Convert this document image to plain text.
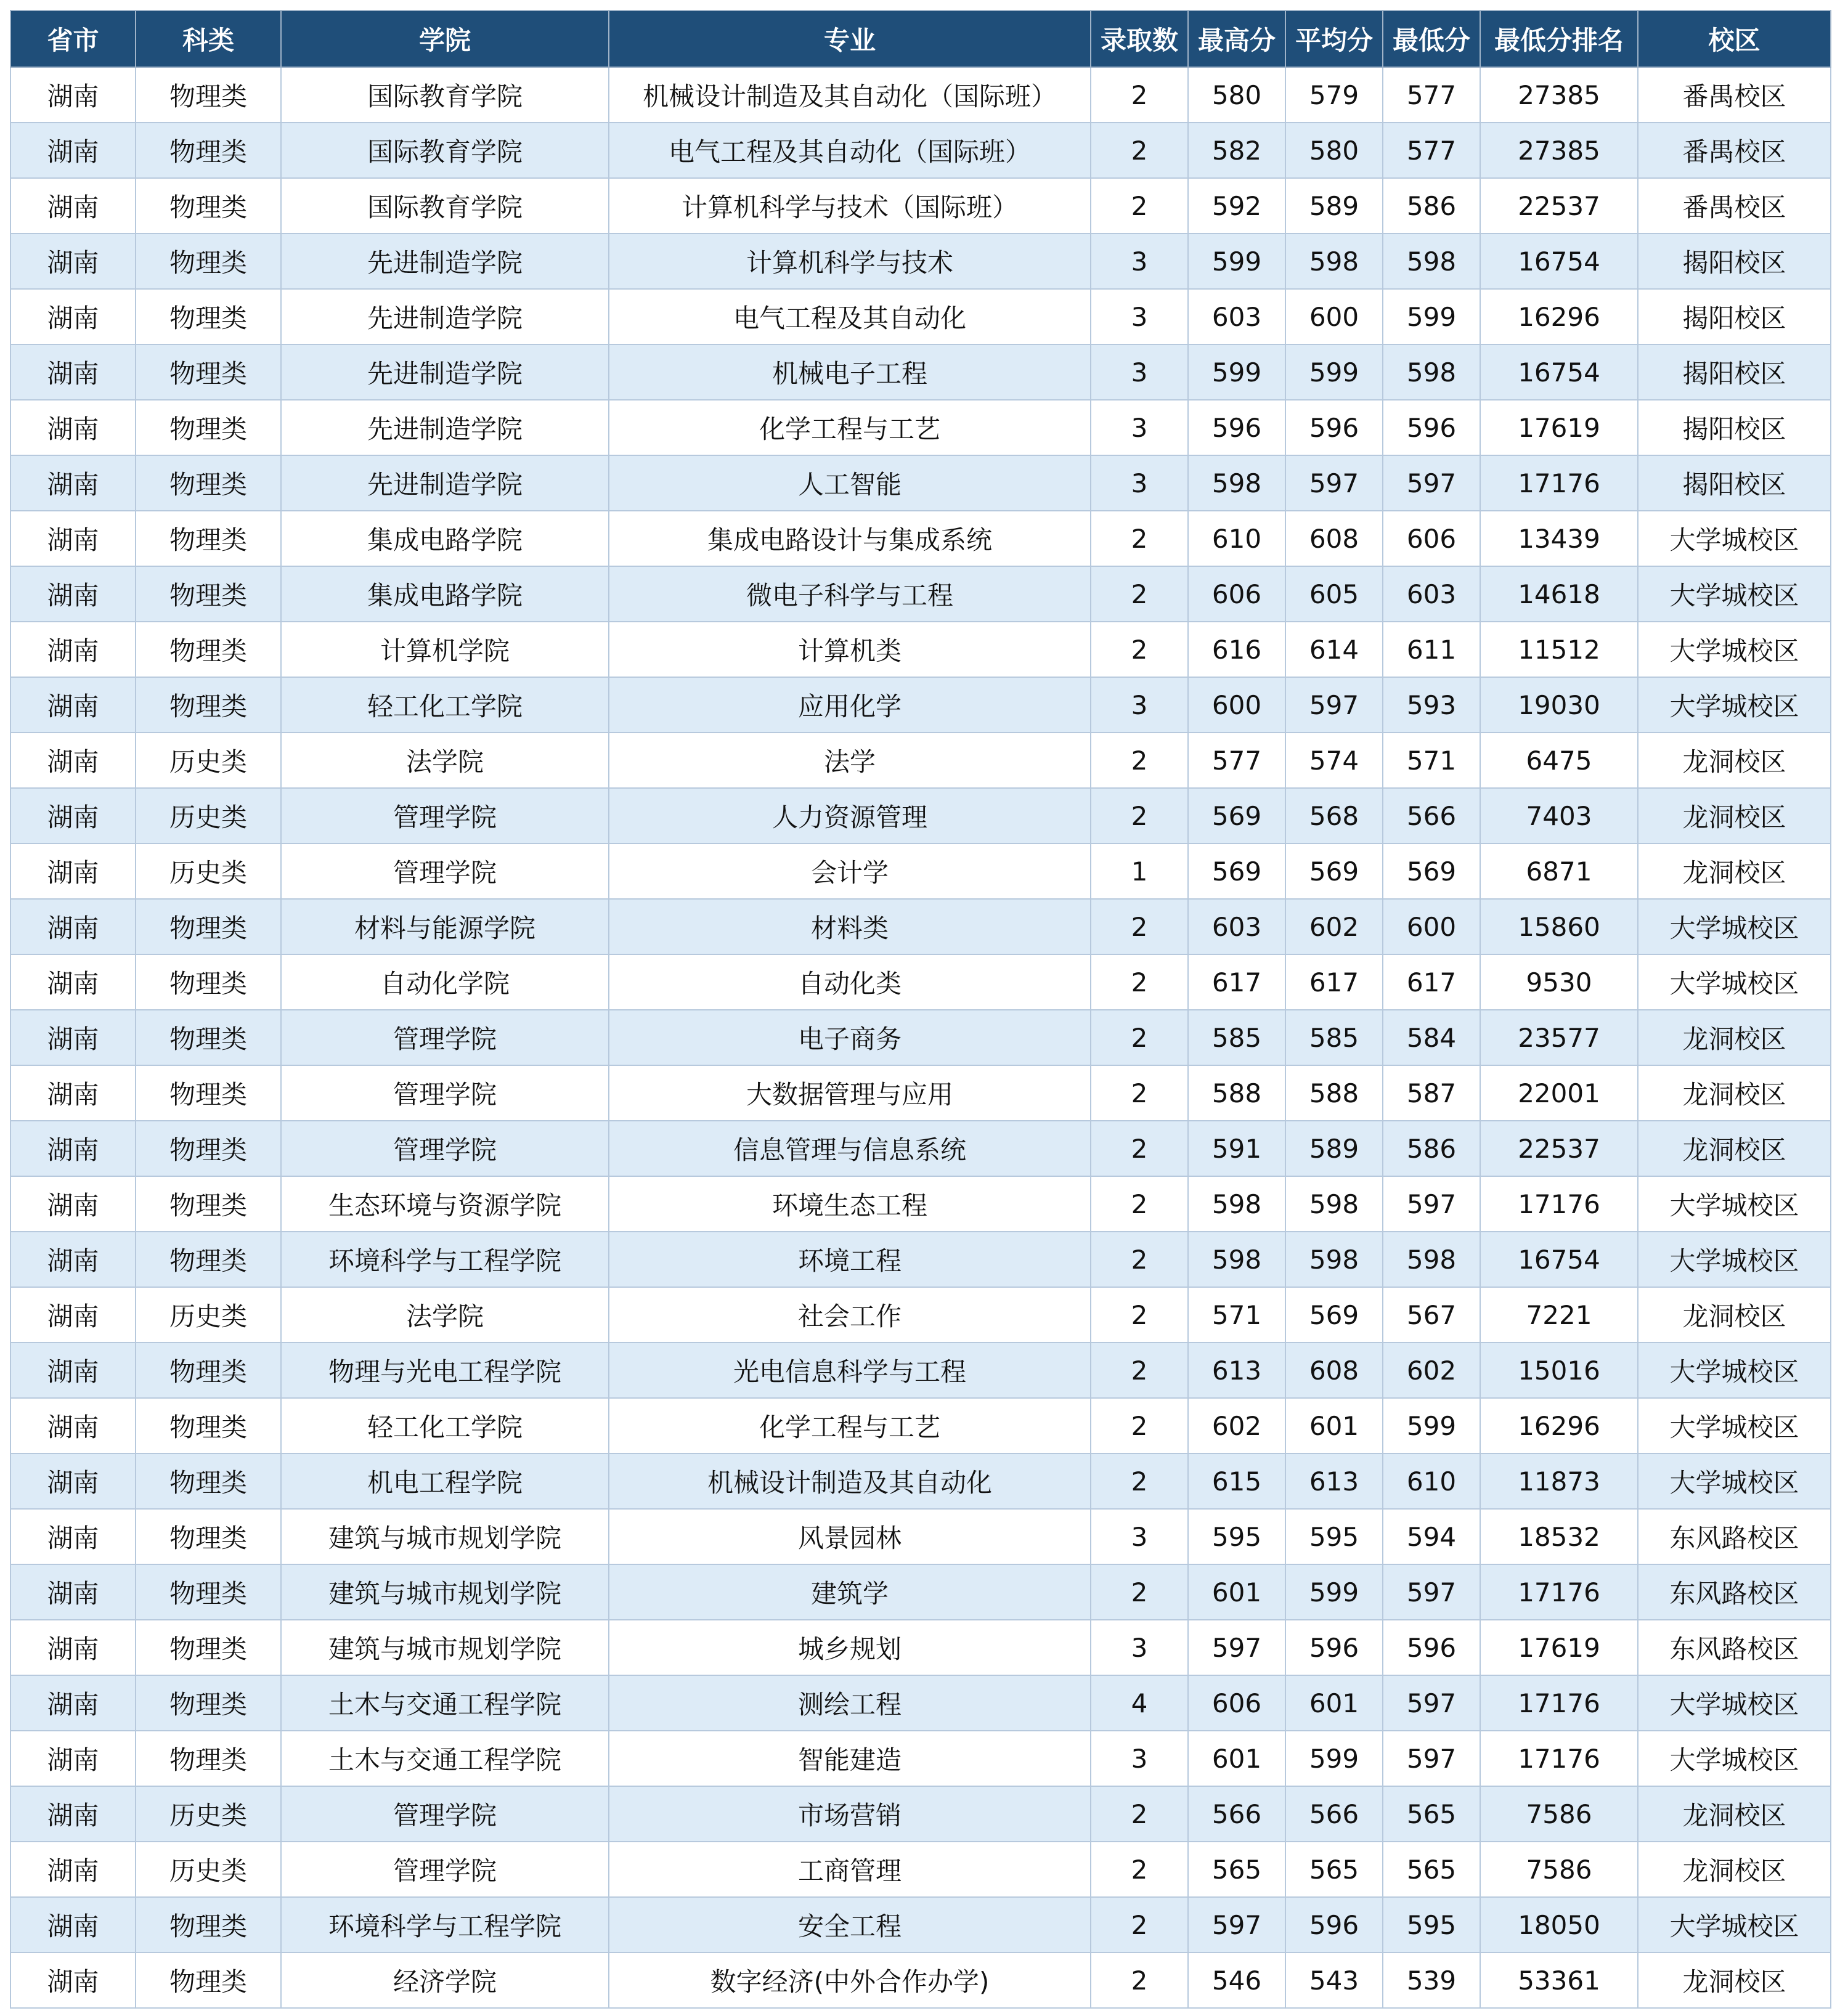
省市	科类	学院	专业	录取数	最高分	平均分	最低分	最低分排名	校区
湖南	物理类	国际教育学院	机械设计制造及其自动化（国际班）	2	580	579	577	27385	番禺校区
湖南	物理类	国际教育学院	电气工程及其自动化（国际班）	2	582	580	577	27385	番禺校区
湖南	物理类	国际教育学院	计算机科学与技术（国际班）	2	592	589	586	22537	番禺校区
湖南	物理类	先进制造学院	计算机科学与技术	3	599	598	598	16754	揭阳校区
湖南	物理类	先进制造学院	电气工程及其自动化	3	603	600	599	16296	揭阳校区
湖南	物理类	先进制造学院	机械电子工程	3	599	599	598	16754	揭阳校区
湖南	物理类	先进制造学院	化学工程与工艺	3	596	596	596	17619	揭阳校区
湖南	物理类	先进制造学院	人工智能	3	598	597	597	17176	揭阳校区
湖南	物理类	集成电路学院	集成电路设计与集成系统	2	610	608	606	13439	大学城校区
湖南	物理类	集成电路学院	微电子科学与工程	2	606	605	603	14618	大学城校区
湖南	物理类	计算机学院	计算机类	2	616	614	611	11512	大学城校区
湖南	物理类	轻工化工学院	应用化学	3	600	597	593	19030	大学城校区
湖南	历史类	法学院	法学	2	577	574	571	6475	龙洞校区
湖南	历史类	管理学院	人力资源管理	2	569	568	566	7403	龙洞校区
湖南	历史类	管理学院	会计学	1	569	569	569	6871	龙洞校区
湖南	物理类	材料与能源学院	材料类	2	603	602	600	15860	大学城校区
湖南	物理类	自动化学院	自动化类	2	617	617	617	9530	大学城校区
湖南	物理类	管理学院	电子商务	2	585	585	584	23577	龙洞校区
湖南	物理类	管理学院	大数据管理与应用	2	588	588	587	22001	龙洞校区
湖南	物理类	管理学院	信息管理与信息系统	2	591	589	586	22537	龙洞校区
湖南	物理类	生态环境与资源学院	环境生态工程	2	598	598	597	17176	大学城校区
湖南	物理类	环境科学与工程学院	环境工程	2	598	598	598	16754	大学城校区
湖南	历史类	法学院	社会工作	2	571	569	567	7221	龙洞校区
湖南	物理类	物理与光电工程学院	光电信息科学与工程	2	613	608	602	15016	大学城校区
湖南	物理类	轻工化工学院	化学工程与工艺	2	602	601	599	16296	大学城校区
湖南	物理类	机电工程学院	机械设计制造及其自动化	2	615	613	610	11873	大学城校区
湖南	物理类	建筑与城市规划学院	风景园林	3	595	595	594	18532	东风路校区
湖南	物理类	建筑与城市规划学院	建筑学	2	601	599	597	17176	东风路校区
湖南	物理类	建筑与城市规划学院	城乡规划	3	597	596	596	17619	东风路校区
湖南	物理类	土木与交通工程学院	测绘工程	4	606	601	597	17176	大学城校区
湖南	物理类	土木与交通工程学院	智能建造	3	601	599	597	17176	大学城校区
湖南	历史类	管理学院	市场营销	2	566	566	565	7586	龙洞校区
湖南	历史类	管理学院	工商管理	2	565	565	565	7586	龙洞校区
湖南	物理类	环境科学与工程学院	安全工程	2	597	596	595	18050	大学城校区
湖南	物理类	经济学院	数字经济(中外合作办学)	2	546	543	539	53361	龙洞校区
